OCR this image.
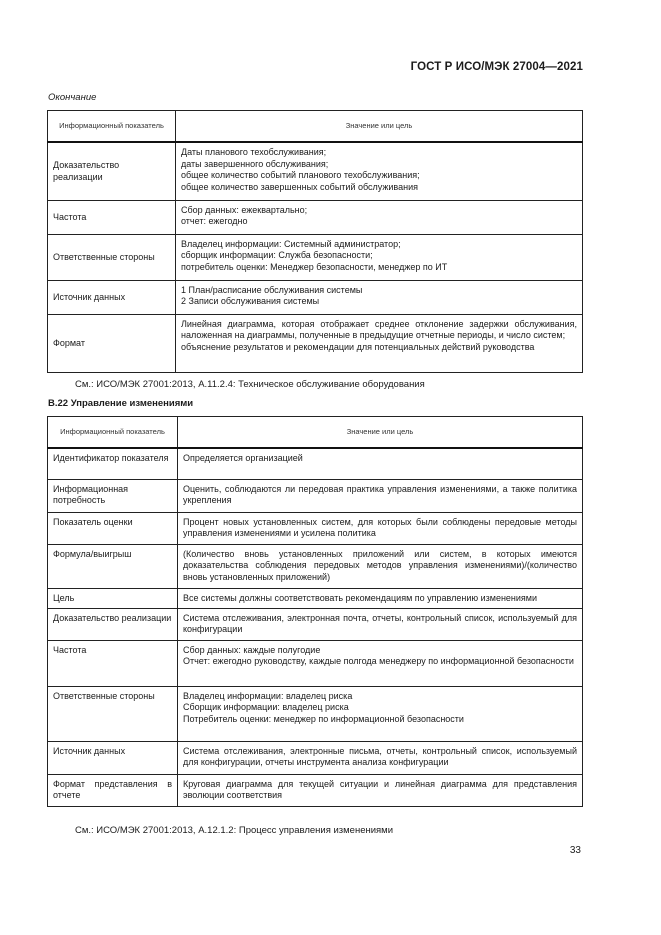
ГОСТ Р ИСО/МЭК 27004—2021
Окончание
Информационный показатель	Значение или цель
Доказательство реализации	Даты планового техобслуживания;
даты завершенного обслуживания;
общее количество событий планового техобслуживания;
общее количество завершенных событий обслуживания

Частота	Сбор данных: ежеквартально;
отчет: ежегодно

Ответственные стороны	Владелец информации: Системный администратор;
сборщик информации: Служба безопасности;
потребитель оценки: Менеджер безопасности, менеджер по ИТ

Источник данных	1 План/расписание обслуживания системы
2 Записи обслуживания системы

Формат	Линейная диаграмма, которая отображает среднее отклонение задержки обслуживания, наложенная на диаграммы, полученные в предыдущие отчетные периоды, и число систем;
объяснение результатов и рекомендации для потенциальных действий руководства
См.: ИСО/МЭК 27001:2013, А.11.2.4: Техническое обслуживание оборудования
B.22 Управление изменениями
Информационный показатель	Значение или цель
Идентификатор показателя	Определяется организацией
Информационная потребность	Оценить, соблюдаются ли передовая практика управления изменениями, а также политика укрепления
Показатель оценки	Процент новых установленных систем, для которых были соблюдены передовые методы управления изменениями и усилена политика
Формула/выигрыш	(Количество вновь установленных приложений или систем, в которых имеются доказательства соблюдения передовых методов управления изменениями)/(количество вновь установленных приложений)
Цель	Все системы должны соответствовать рекомендациям по управлению изменениями
Доказательство реализации	Система отслеживания, электронная почта, отчеты, контрольный список, используемый для конфигурации
Частота	Сбор данных: каждые полугодие
Отчет: ежегодно руководству, каждые полгода менеджеру по информационной безопасности

Ответственные стороны	Владелец информации: владелец риска
Сборщик информации: владелец риска
Потребитель оценки: менеджер по информационной безопасности

Источник данных	Система отслеживания, электронные письма, отчеты, контрольный список, используемый для конфигурации, отчеты инструмента анализа конфигурации
Формат представления в отчете	Круговая диаграмма для текущей ситуации и линейная диаграмма для представления эволюции соответствия
См.: ИСО/МЭК 27001:2013, А.12.1.2: Процесс управления изменениями
33
